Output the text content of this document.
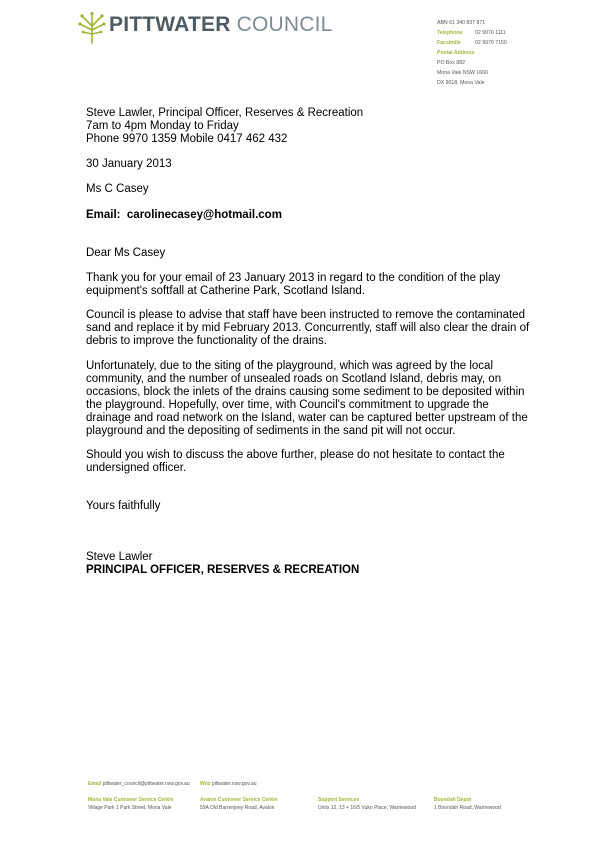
PITTWATER COUNCIL	ABN 61 340 837 871
Telephone 02 9970 1111
Facsimile	02 9970 7150
Postal Address
PO Box 882
Mona Vale NSW 1660
DX 9018, Mona Vale
Steve Lawler, Principal Officer, Reserves & Recreation
7am to 4pm Monday to Friday
Phone 9970 1359 Mobile 0417 462 432
30 January 2013
Ms C Casey
Email: carolinecasey@hotmail.com
Dear Ms Casey
Thank you for your email of 23 January 2013 in regard to the condition of the play
equipment's softfall at Catherine Park, Scotland Island.
Council is please to advise that staff have been instructed to remove the contaminated
sand and replace it by mid February 2013. Concurrently, staff will also clear the drain of
debris to improve the functionality of the drains.
Unfortunately, due to the siting of the playground, which was agreed by the local
community, and the number of unsealed roads on Scotland Island, debris may, on
occasions, block the inlets of the drains causing some sediment to be deposited within
the playground. Hopefully, over time, with Council's commitment to upgrade the
drainage and road network on the Island, water can be captured better upstream of the
playground and the depositing of sediments in the sand pit will not occur.
Should you wish to discuss the above further, please do not hesitate to contact the
undersigned officer.
Yours faithfully
Steve Lawler
PRINCIPAL OFFICER, RESERVES & RECREATION
Email pittwater_council@pittwater.nsw.gov.au Web pittwater.nsw.gov.au
Mona Vale Customer Service Centre
Village Park 1 Park Street, Mona Vale
Avalon Customer Service Centre
59A Old Barrenjoey Road, Avalon
Support Services
Units 12, 13 + 16/5 Vuko Place, Warriewood
Boondah Depot
1 Boondah Road, Warriewood
